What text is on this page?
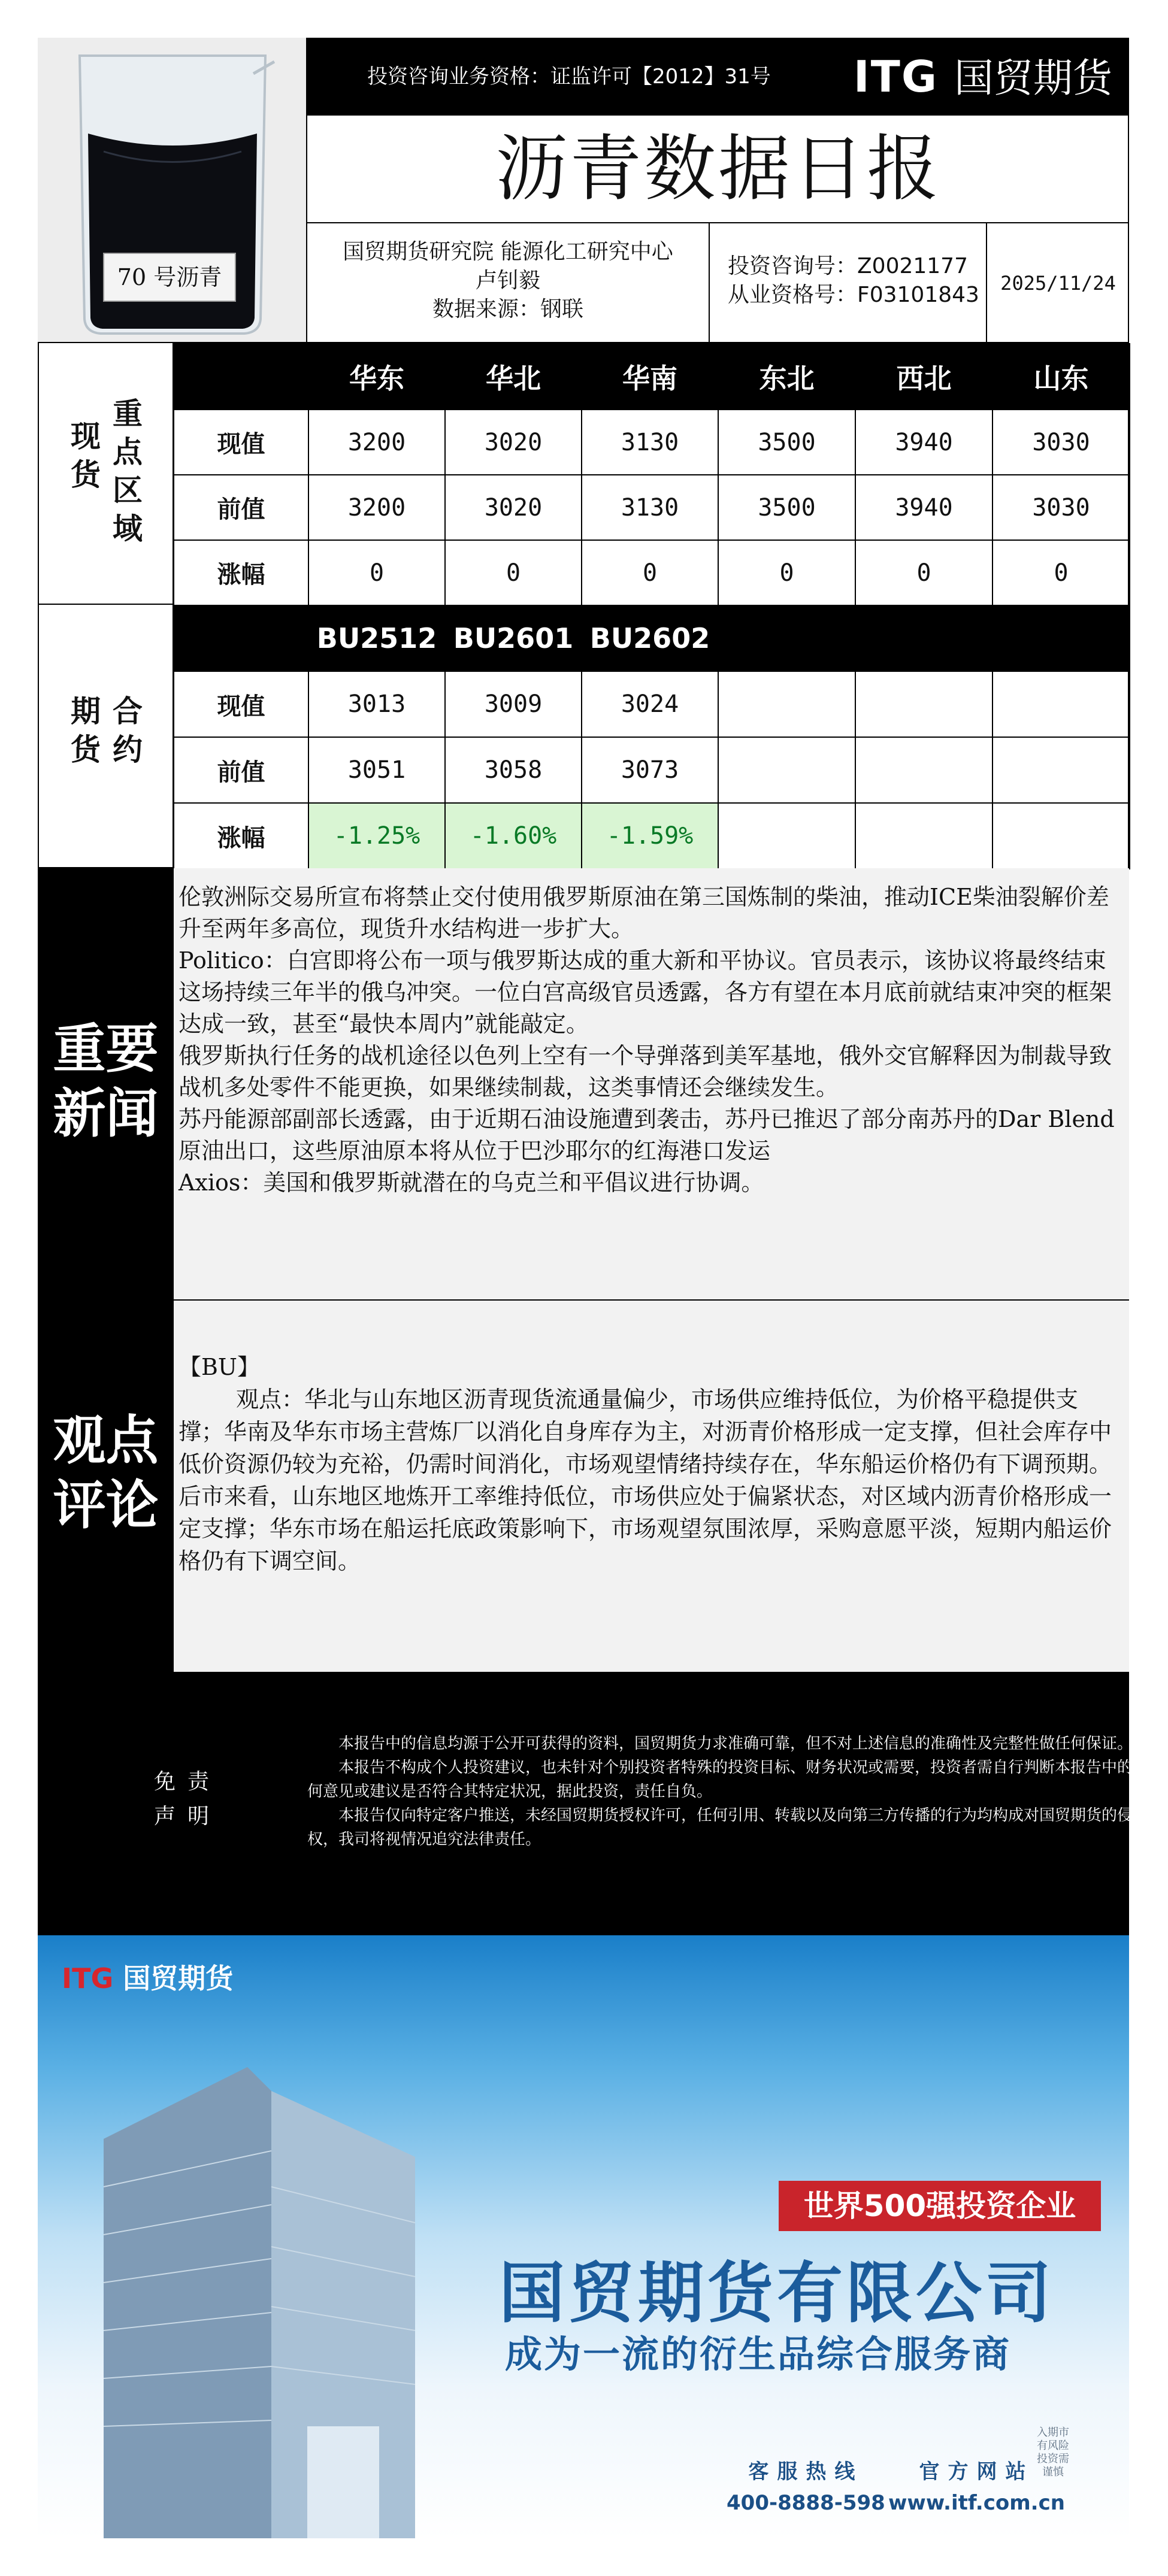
70 号沥青
投资咨询业务资格：证监许可【2012】31号 ITG 国贸期货
沥青数据日报
国贸期货研究院 能源化工研究中心
卢钊毅
数据来源：钢联
投资咨询号：Z0021177
从业资格号：F03101843	2025/11/24
现货
重点区域
	华东	华北	华南	东北	西北	山东
现值	3200	3020	3130	3500	3940	3030
前值	3200	3020	3130	3500	3940	3030
涨幅	0	0	0	0	0	0
期货
合约
	BU2512	BU2601	BU2602			
现值	3013	3009	3024			
前值	3051	3058	3073			
涨幅	-1.25%	-1.60%	-1.59%			
重要
新闻

伦敦洲际交易所宣布将禁止交付使用俄罗斯原油在第三国炼制的柴油，推动ICE柴油裂解价差升至两年多高位，现货升水结构进一步扩大。

Politico：白宫即将公布一项与俄罗斯达成的重大新和平协议。官员表示，该协议将最终结束这场持续三年半的俄乌冲突。一位白宫高级官员透露，各方有望在本月底前就结束冲突的框架达成一致，甚至“最快本周内”就能敲定。

俄罗斯执行任务的战机途径以色列上空有一个导弹落到美军基地，俄外交官解释因为制裁导致战机多处零件不能更换，如果继续制裁，这类事情还会继续发生。

苏丹能源部副部长透露，由于近期石油设施遭到袭击，苏丹已推迟了部分南苏丹的Dar Blend原油出口，这些原油原本将从位于巴沙耶尔的红海港口发运

Axios：美国和俄罗斯就潜在的乌克兰和平倡议进行协调。

观点
评论

【BU】

观点：华北与山东地区沥青现货流通量偏少，市场供应维持低位，为价格平稳提供支撑；华南及华东市场主营炼厂以消化自身库存为主，对沥青价格形成一定支撑，但社会库存中低价资源仍较为充裕，仍需时间消化，市场观望情绪持续存在，华东船运价格仍有下调预期。后市来看，山东地区地炼开工率维持低位，市场供应处于偏紧状态，对区域内沥青价格形成一定支撑；华东市场在船运托底政策影响下，市场观望氛围浓厚，采购意愿平淡，短期内船运价格仍有下调空间。

免责
声明

本报告中的信息均源于公开可获得的资料，国贸期货力求准确可靠，但不对上述信息的准确性及完整性做任何保证。

本报告不构成个人投资建议，也未针对个别投资者特殊的投资目标、财务状况或需要，投资者需自行判断本报告中的任何意见或建议是否符合其特定状况，据此投资，责任自负。

本报告仅向特定客户推送，未经国贸期货授权许可，任何引用、转载以及向第三方传播的行为均构成对国贸期货的侵权，我司将视情况追究法律责任。

ITG 国贸期货
世界500强投资企业
国贸期货有限公司
成为一流的衍生品综合服务商
客服热线
400-8888-598
官方网站
www.itf.com.cn
入期市有风险 投资需谨慎
